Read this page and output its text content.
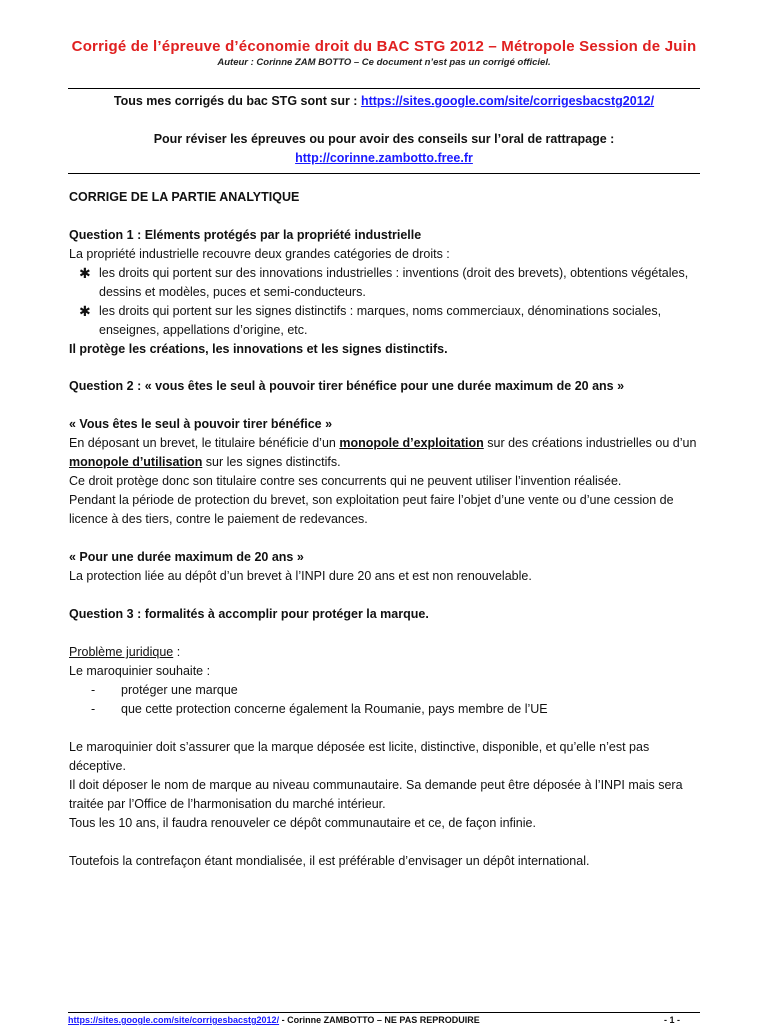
Corrigé de l’épreuve d’économie droit du BAC STG 2012 – Métropole Session de Juin
Auteur : Corinne ZAM BOTTO – Ce document n’est pas un corrigé officiel.
Tous mes corrigés du bac STG sont sur : https://sites.google.com/site/corrigesbacstg2012/
Pour réviser les épreuves ou pour avoir des conseils sur l’oral de rattrapage :
http://corinne.zambotto.free.fr
CORRIGE DE LA PARTIE ANALYTIQUE

Question 1 : Eléments protégés par la propriété industrielle

La propriété industrielle recouvre deux grandes catégories de droits :

✱ les droits qui portent sur des innovations industrielles : inventions (droit des brevets), obtentions végétales, dessins et modèles, puces et semi-conducteurs.
✱ les droits qui portent sur les signes distinctifs : marques, noms commerciaux, dénominations sociales, enseignes, appellations d’origine, etc.

Il protège les créations, les innovations et les signes distinctifs.

Question 2 : « vous êtes le seul à pouvoir tirer bénéfice pour une durée maximum de 20 ans »

« Vous êtes le seul à pouvoir tirer bénéfice »

En déposant un brevet, le titulaire bénéficie d’un monopole d’exploitation sur des créations industrielles ou d’un monopole d’utilisation sur les signes distinctifs.

Ce droit protège donc son titulaire contre ses concurrents qui ne peuvent utiliser l’invention réalisée.

Pendant la période de protection du brevet, son exploitation peut faire l’objet d’une vente ou d’une cession de licence à des tiers, contre le paiement de redevances.

« Pour une durée maximum de 20 ans »

La protection liée au dépôt d’un brevet à l’INPI dure 20 ans et est non renouvelable.

Question 3 : formalités à accomplir pour protéger la marque.

Problème juridique :

Le maroquinier souhaite :

- protéger une marque
- que cette protection concerne également la Roumanie, pays membre de l’UE

Le maroquinier doit s’assurer que la marque déposée est licite, distinctive, disponible, et qu’elle n’est pas déceptive.

Il doit déposer le nom de marque au niveau communautaire. Sa demande peut être déposée à l’INPI mais sera traitée par l’Office de l’harmonisation du marché intérieur.

Tous les 10 ans, il faudra renouveler ce dépôt communautaire et ce, de façon infinie.

Toutefois la contrefaçon étant mondialisée, il est préférable d’envisager un dépôt international.

https://sites.google.com/site/corrigesbacstg2012/ - Corinne ZAMBOTTO – NE PAS REPRODUIRE	- 1 -
